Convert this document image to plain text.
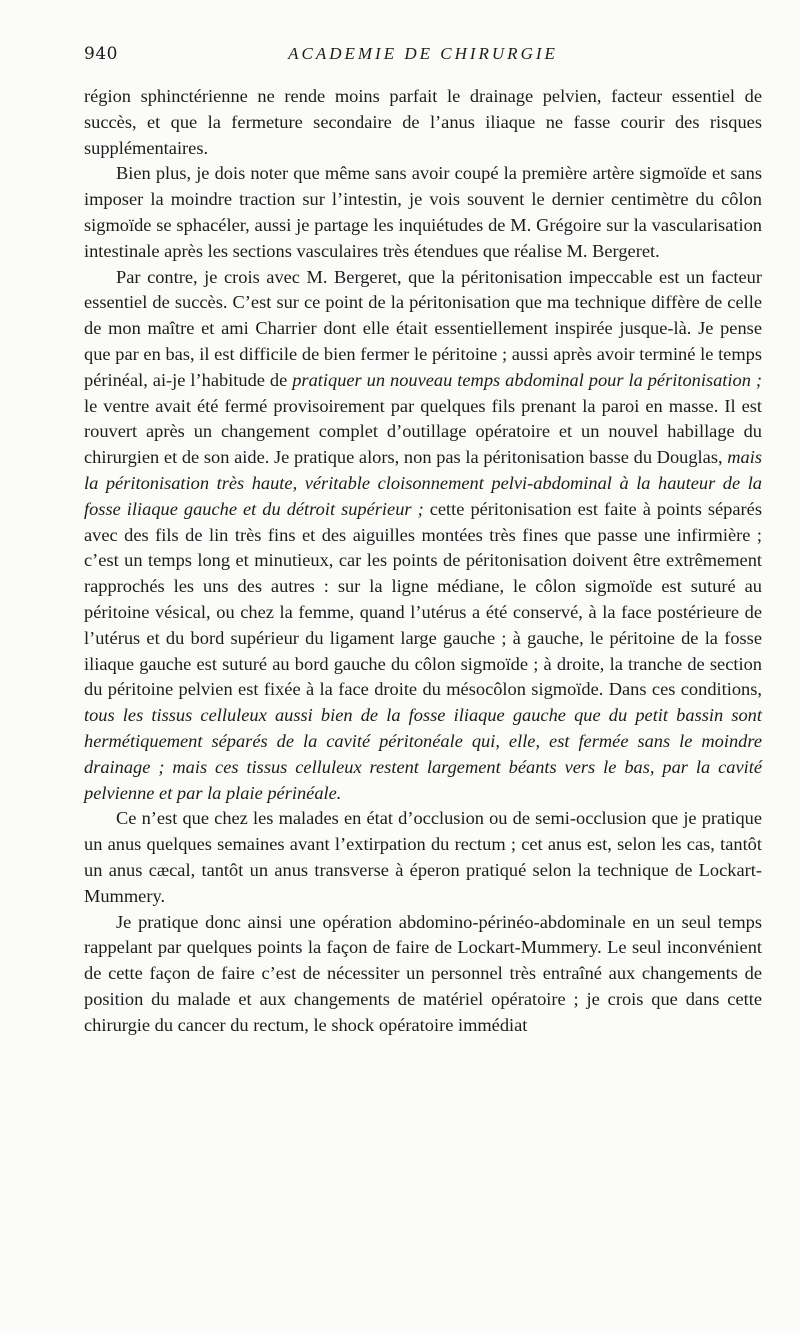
940	ACADEMIE DE CHIRURGIE

région sphinctérienne ne rende moins parfait le drainage pelvien, facteur essentiel de succès, et que la fermeture secondaire de l’anus iliaque ne fasse courir des risques supplémentaires.

Bien plus, je dois noter que même sans avoir coupé la première artère sigmoïde et sans imposer la moindre traction sur l’intestin, je vois souvent le dernier centimètre du côlon sigmoïde se sphacéler, aussi je partage les inquiétudes de M. Grégoire sur la vascularisation intestinale après les sections vasculaires très étendues que réalise M. Bergeret.

Par contre, je crois avec M. Bergeret, que la péritonisation impeccable est un facteur essentiel de succès. C’est sur ce point de la péritonisation que ma technique diffère de celle de mon maître et ami Charrier dont elle était essentiellement inspirée jusque-là. Je pense que par en bas, il est difficile de bien fermer le péritoine ; aussi après avoir terminé le temps périnéal, ai-je l’habitude de pratiquer un nouveau temps abdominal pour la péritonisation ; le ventre avait été fermé provisoirement par quelques fils prenant la paroi en masse. Il est rouvert après un changement complet d’outillage opératoire et un nouvel habillage du chirurgien et de son aide. Je pratique alors, non pas la péritonisation basse du Douglas, mais la péritonisation très haute, véritable cloisonnement pelvi-abdominal à la hauteur de la fosse iliaque gauche et du détroit supérieur ; cette péritonisation est faite à points séparés avec des fils de lin très fins et des aiguilles montées très fines que passe une infirmière ; c’est un temps long et minutieux, car les points de péritonisation doivent être extrêmement rapprochés les uns des autres : sur la ligne médiane, le côlon sigmoïde est suturé au péritoine vésical, ou chez la femme, quand l’utérus a été conservé, à la face postérieure de l’utérus et du bord supérieur du ligament large gauche ; à gauche, le péritoine de la fosse iliaque gauche est suturé au bord gauche du côlon sigmoïde ; à droite, la tranche de section du péritoine pelvien est fixée à la face droite du mésocôlon sigmoïde. Dans ces conditions, tous les tissus celluleux aussi bien de la fosse iliaque gauche que du petit bassin sont hermétiquement séparés de la cavité péritonéale qui, elle, est fermée sans le moindre drainage ; mais ces tissus celluleux restent largement béants vers le bas, par la cavité pelvienne et par la plaie périnéale.

Ce n’est que chez les malades en état d’occlusion ou de semi-occlusion que je pratique un anus quelques semaines avant l’extirpation du rectum ; cet anus est, selon les cas, tantôt un anus cæcal, tantôt un anus transverse à éperon pratiqué selon la technique de Lockart-Mummery.

Je pratique donc ainsi une opération abdomino-périnéo-abdominale en un seul temps rappelant par quelques points la façon de faire de Lockart-Mummery. Le seul inconvénient de cette façon de faire c’est de nécessiter un personnel très entraîné aux changements de position du malade et aux changements de matériel opératoire ; je crois que dans cette chirurgie du cancer du rectum, le shock opératoire immédiat
